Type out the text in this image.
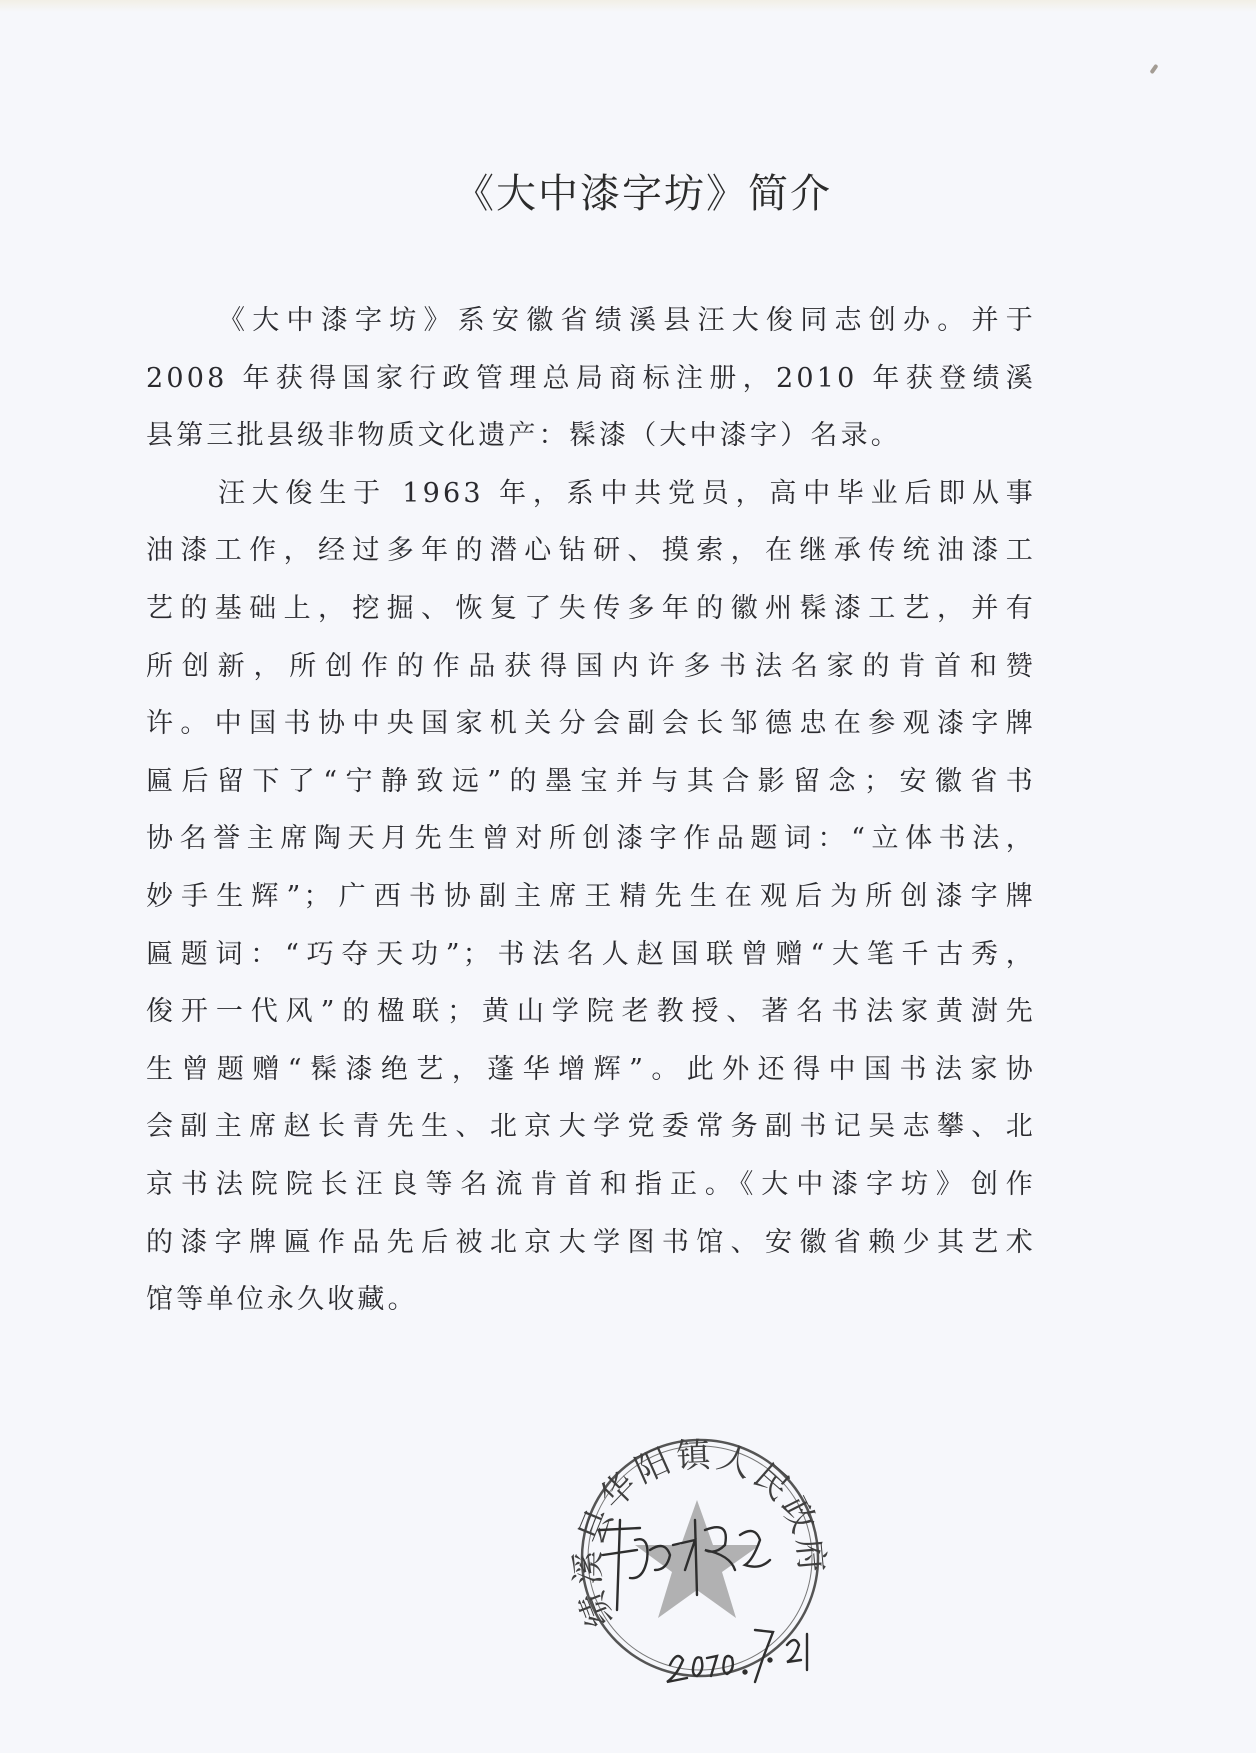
《大中漆字坊》简介
《大中漆字坊》系安徽省绩溪县汪大俊同志创办。并于
2008 年获得国家行政管理总局商标注册，2010 年获登绩溪
县第三批县级非物质文化遗产：髹漆（大中漆字）名录。
汪大俊生于 1963 年，系中共党员，高中毕业后即从事
油漆工作，经过多年的潜心钻研、摸索，在继承传统油漆工
艺的基础上，挖掘、恢复了失传多年的徽州髹漆工艺，并有
所创新，所创作的作品获得国内许多书法名家的肯首和赞
许。中国书协中央国家机关分会副会长邹德忠在参观漆字牌
匾后留下了“宁静致远”的墨宝并与其合影留念；安徽省书
协名誉主席陶天月先生曾对所创漆字作品题词：“立体书法，
妙手生辉”；广西书协副主席王精先生在观后为所创漆字牌
匾题词：“巧夺天功”；书法名人赵国联曾赠“大笔千古秀，
俊开一代风”的楹联；黄山学院老教授、著名书法家黄澍先
生曾题赠“髹漆绝艺，蓬华增辉”。此外还得中国书法家协
会副主席赵长青先生、北京大学党委常务副书记吴志攀、北
京书法院院长汪良等名流肯首和指正。《大中漆字坊》创作
的漆字牌匾作品先后被北京大学图书馆、安徽省赖少其艺术
馆等单位永久收藏。
绩溪县华阳镇人民政府
